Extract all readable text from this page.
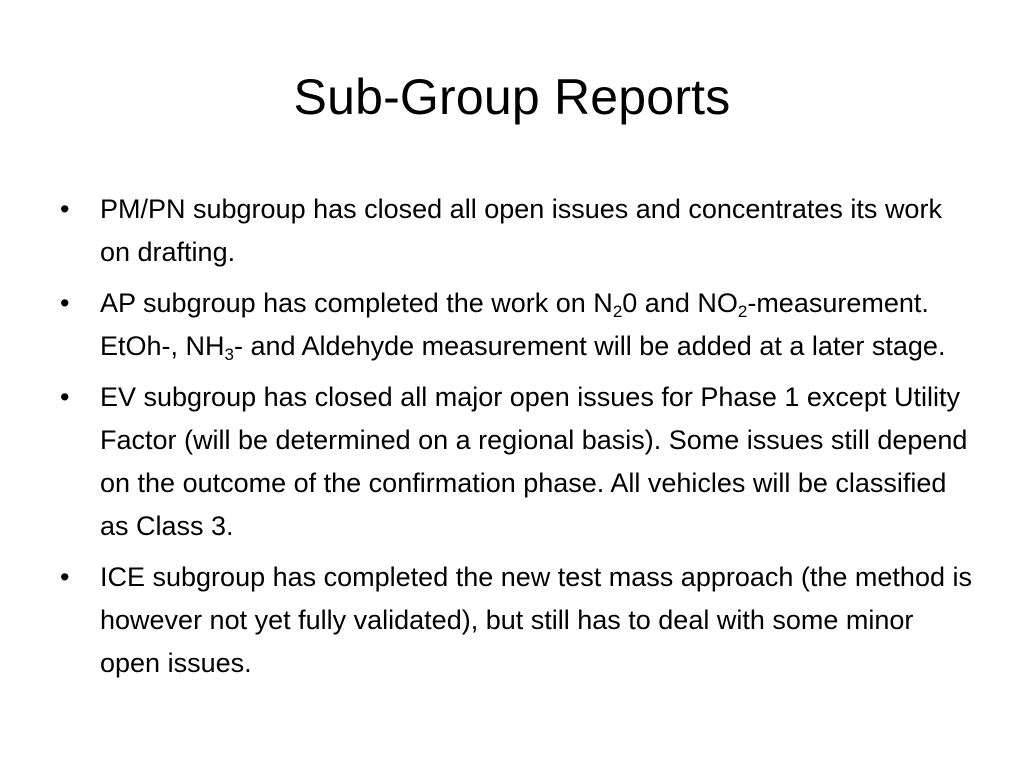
Sub-Group Reports
•	PM/PN subgroup has closed all open issues and concentrates its work on drafting.
•	AP subgroup has completed the work on $N_20$ and $NO_2$-measurement. EtOh-, $NH_3-$ and Aldehyde measurement will be added at a later stage.
•	EV subgroup has closed all major open issues for Phase 1 except Utility Factor (will be determined on a regional basis). Some issues still depend on the outcome of the confirmation phase. All vehicles will be classified as Class 3.
•	ICE subgroup has completed the new test mass approach (the method is however not yet fully validated), but still has to deal with some minor open issues.
